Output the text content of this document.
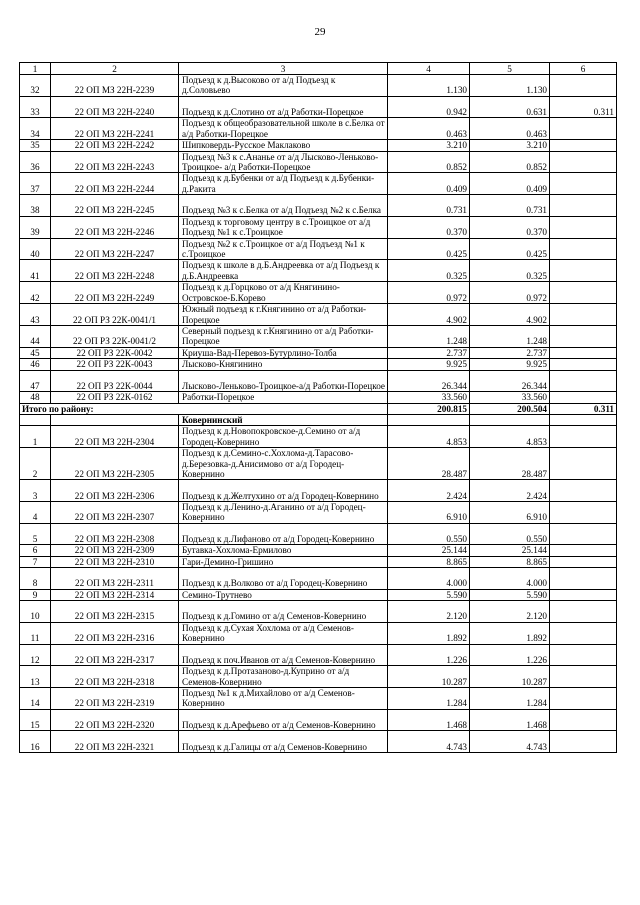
29
1	2	3	4	5	6
32	22 ОП МЗ 22Н-2239	Подъезд к д.Высоково от а/д Подъезд к д.Соловьево	1.130	1.130	
33	22 ОП МЗ 22Н-2240	Подъезд к д.Слотино от а/д Работки-Порецкое	0.942	0.631	0.311
34	22 ОП МЗ 22Н-2241	Подъезд к общеобразовательной школе в с.Белка от а/д Работки-Порецкое	0.463	0.463	
35	22 ОП МЗ 22Н-2242	Шипковердь-Русское Маклаково	3.210	3.210	
36	22 ОП МЗ 22Н-2243	Подъезд №3 к с.Ананье от а/д Лысково-Леньково-Троицкое- а/д Работки-Порецкое	0.852	0.852	
37	22 ОП МЗ 22Н-2244	Подъезд к д.Бубенки от а/д Подъезд к д.Бубенки-д.Ракита	0.409	0.409	
38	22 ОП МЗ 22Н-2245	Подъезд №3 к с.Белка от а/д Подъезд №2 к с.Белка	0.731	0.731	
39	22 ОП МЗ 22Н-2246	Подъезд к торговому центру в с.Троицкое от а/д Подъезд №1 к с.Троицкое	0.370	0.370	
40	22 ОП МЗ 22Н-2247	Подъезд №2 к с.Троицкое от а/д Подъезд №1 к с.Троицкое	0.425	0.425	
41	22 ОП МЗ 22Н-2248	Подъезд к школе в д.Б.Андреевка от а/д Подъезд к д.Б.Андреевка	0.325	0.325	
42	22 ОП МЗ 22Н-2249	Подъезд к д.Горцково от а/д Княгинино-Островское-Б.Корево	0.972	0.972	
43	22 ОП РЗ 22К-0041/1	Южный подъезд к г.Княгинино от а/д Работки-Порецкое	4.902	4.902	
44	22 ОП РЗ 22К-0041/2	Северный подъезд к г.Княгинино от а/д Работки-Порецкое	1.248	1.248	
45	22 ОП РЗ 22К-0042	Криуша-Вад-Перевоз-Бутурлино-Толба	2.737	2.737	
46	22 ОП РЗ 22К-0043	Лысково-Княгинино	9.925	9.925	
47	22 ОП РЗ 22К-0044	Лысково-Леньково-Троицкое-а/д Работки-Порецкое	26.344	26.344	
48	22 ОП РЗ 22К-0162	Работки-Порецкое	33.560	33.560	
Итого по району:			200.815	200.504	0.311
		Ковернинский			
1	22 ОП МЗ 22Н-2304	Подъезд к д.Новопокровское-д.Семино от а/д Городец-Ковернино	4.853	4.853	
2	22 ОП МЗ 22Н-2305	Подъезд к д.Семино-с.Хохлома-д.Тарасово-д.Березовка-д.Анисимово от а/д Городец-Ковернино	28.487	28.487	
3	22 ОП МЗ 22Н-2306	Подъезд к д.Желтухино от а/д Городец-Ковернино	2.424	2.424	
4	22 ОП МЗ 22Н-2307	Подъезд к д.Ленино-д.Аганино от а/д Городец-Ковернино	6.910	6.910	
5	22 ОП МЗ 22Н-2308	Подъезд к д.Лифаново от а/д Городец-Ковернино	0.550	0.550	
6	22 ОП МЗ 22Н-2309	Бутавка-Хохлома-Ермилово	25.144	25.144	
7	22 ОП МЗ 22Н-2310	Гари-Демино-Гришино	8.865	8.865	
8	22 ОП МЗ 22Н-2311	Подъезд к д.Волково от а/д Городец-Ковернино	4.000	4.000	
9	22 ОП МЗ 22Н-2314	Семино-Трутнево	5.590	5.590	
10	22 ОП МЗ 22Н-2315	Подъезд к д.Гомино от а/д Семенов-Ковернино	2.120	2.120	
11	22 ОП МЗ 22Н-2316	Подъезд к д.Сухая Хохлома от а/д Семенов-Ковернино	1.892	1.892	
12	22 ОП МЗ 22Н-2317	Подъезд к поч.Иванов от а/д Семенов-Ковернино	1.226	1.226	
13	22 ОП МЗ 22Н-2318	Подъезд к д.Протазаново-д.Куприно от а/д Семенов-Ковернино	10.287	10.287	
14	22 ОП МЗ 22Н-2319	Подъезд №1 к д.Михайлово от а/д Семенов-Ковернино	1.284	1.284	
15	22 ОП МЗ 22Н-2320	Подъезд к д.Арефьево от а/д Семенов-Ковернино	1.468	1.468	
16	22 ОП МЗ 22Н-2321	Подъезд к д.Галицы от а/д Семенов-Ковернино	4.743	4.743	
